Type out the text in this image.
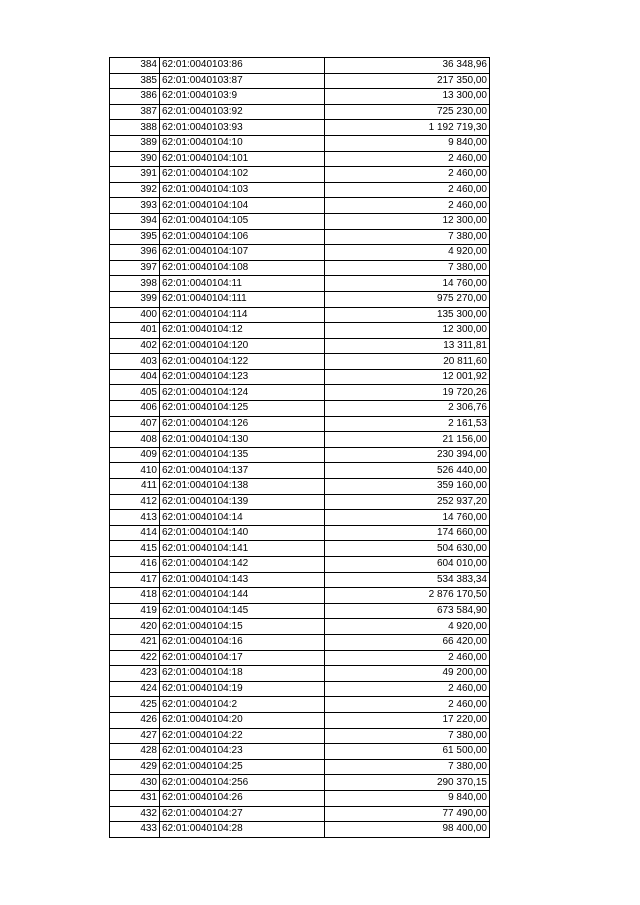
384	62:01:0040103:86	36 348,96
385	62:01:0040103:87	217 350,00
386	62:01:0040103:9	13 300,00
387	62:01:0040103:92	725 230,00
388	62:01:0040103:93	1 192 719,30
389	62:01:0040104:10	9 840,00
390	62:01:0040104:101	2 460,00
391	62:01:0040104:102	2 460,00
392	62:01:0040104:103	2 460,00
393	62:01:0040104:104	2 460,00
394	62:01:0040104:105	12 300,00
395	62:01:0040104:106	7 380,00
396	62:01:0040104:107	4 920,00
397	62:01:0040104:108	7 380,00
398	62:01:0040104:11	14 760,00
399	62:01:0040104:111	975 270,00
400	62:01:0040104:114	135 300,00
401	62:01:0040104:12	12 300,00
402	62:01:0040104:120	13 311,81
403	62:01:0040104:122	20 811,60
404	62:01:0040104:123	12 001,92
405	62:01:0040104:124	19 720,26
406	62:01:0040104:125	2 306,76
407	62:01:0040104:126	2 161,53
408	62:01:0040104:130	21 156,00
409	62:01:0040104:135	230 394,00
410	62:01:0040104:137	526 440,00
411	62:01:0040104:138	359 160,00
412	62:01:0040104:139	252 937,20
413	62:01:0040104:14	14 760,00
414	62:01:0040104:140	174 660,00
415	62:01:0040104:141	504 630,00
416	62:01:0040104:142	604 010,00
417	62:01:0040104:143	534 383,34
418	62:01:0040104:144	2 876 170,50
419	62:01:0040104:145	673 584,90
420	62:01:0040104:15	4 920,00
421	62:01:0040104:16	66 420,00
422	62:01:0040104:17	2 460,00
423	62:01:0040104:18	49 200,00
424	62:01:0040104:19	2 460,00
425	62:01:0040104:2	2 460,00
426	62:01:0040104:20	17 220,00
427	62:01:0040104:22	7 380,00
428	62:01:0040104:23	61 500,00
429	62:01:0040104:25	7 380,00
430	62:01:0040104:256	290 370,15
431	62:01:0040104:26	9 840,00
432	62:01:0040104:27	77 490,00
433	62:01:0040104:28	98 400,00
